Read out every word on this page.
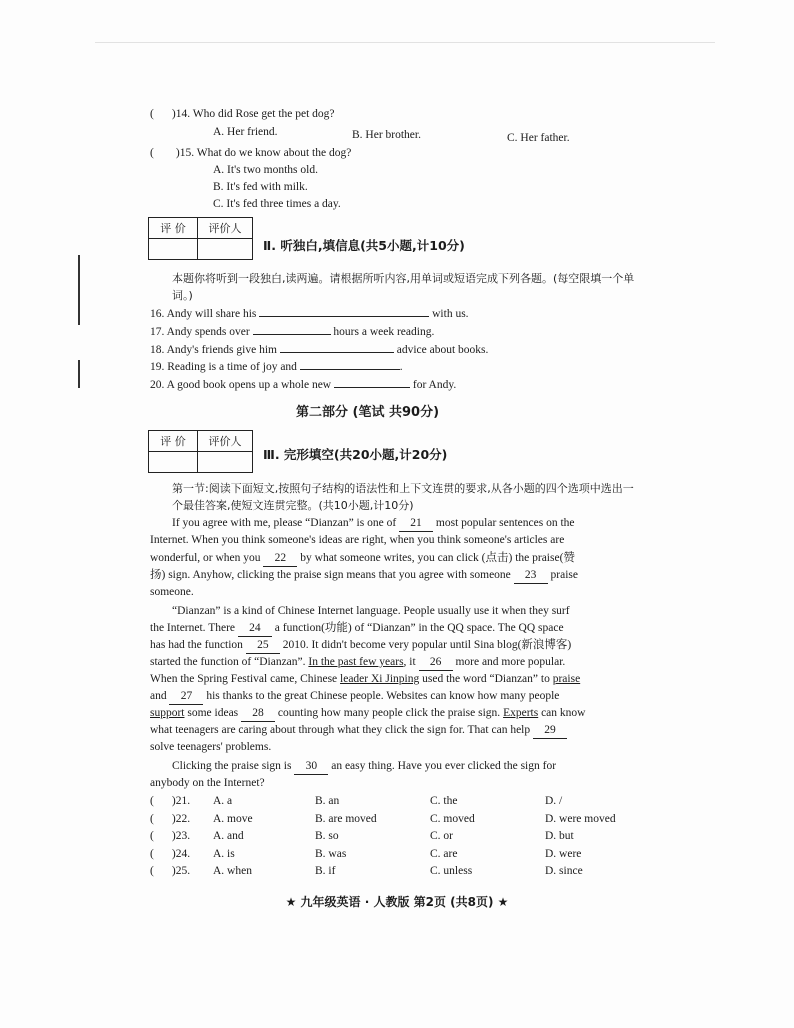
( )14. Who did Rose get the pet dog?
A. Her friend.	B. Her brother.	C. Her father.
( )15. What do we know about the dog?
A. It's two months old.
B. It's fed with milk.
C. It's fed three times a day.
评 价	评价人

Ⅱ. 听独白,填信息(共5小题,计10分)
本题你将听到一段独白,读两遍。请根据所听内容,用单词或短语完成下列各题。(每空限填一个单词。)
16. Andy will share his	with us.
17. Andy spends over	hours a week reading.
18. Andy's friends give him	advice about books.
19. Reading is a time of joy and	.
20. A good book opens up a whole new	for Andy.
第二部分 (笔试 共90分)
评 价	评价人

Ⅲ. 完形填空(共20小题,计20分)
第一节:阅读下面短文,按照句子结构的语法性和上下文连贯的要求,从各小题的四个选项中选出一个最佳答案,使短文连贯完整。(共10小题,计10分)
If you agree with me, please “Dianzan” is one of 21 most popular sentences on the
Internet. When you think someone's ideas are right, when you think someone's articles are
wonderful, or when you 22 by what someone writes, you can click (点击) the praise(赞
扬) sign. Anyhow, clicking the praise sign means that you agree with someone 23 praise
someone.
“Dianzan” is a kind of Chinese Internet language. People usually use it when they surf
the Internet. There 24 a function(功能) of “Dianzan” in the QQ space. The QQ space
has had the function 25 2010. It didn't become very popular until Sina blog(新浪博客)
started the function of “Dianzan”. In the past few years, it 26 more and more popular.
When the Spring Festival came, Chinese leader Xi Jinping used the word “Dianzan” to praise
and 27 his thanks to the great Chinese people. Websites can know how many people
support some ideas 28 counting how many people click the praise sign. Experts can know
what teenagers are caring about through what they click the sign for. That can help 29
solve teenagers' problems.
Clicking the praise sign is 30 an easy thing. Have you ever clicked the sign for
anybody on the Internet?
( )21. A. a	B. an	C. the	D. /
( )22. A. move	B. are moved	C. moved	D. were moved
( )23. A. and	B. so	C. or	D. but
( )24. A. is	B. was	C. are	D. were
( )25. A. when	B. if	C. unless	D. since
★ 九年级英语 · 人教版 第2页 (共8页) ★
